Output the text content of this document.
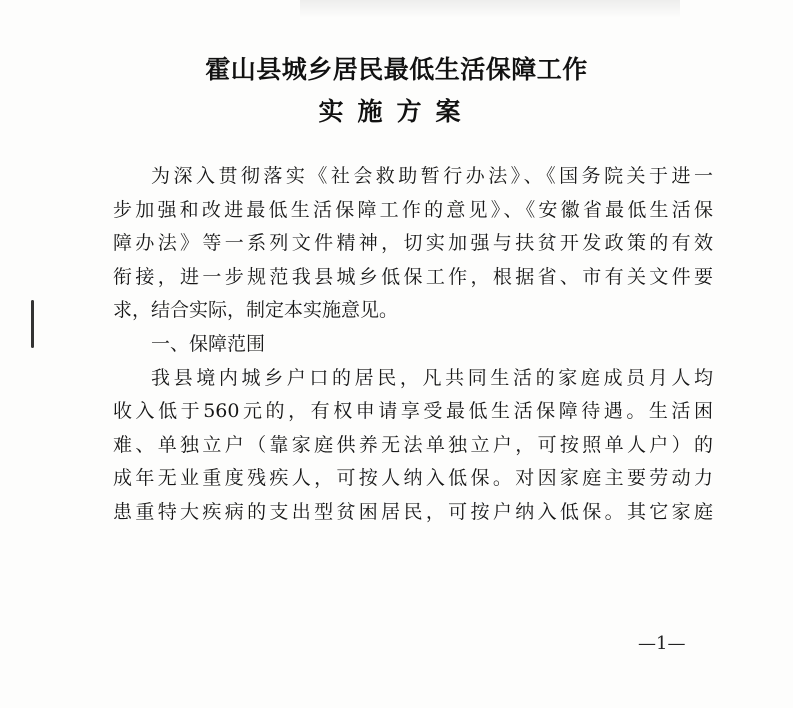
霍山县城乡居民最低生活保障工作
实施方案
为深入贯彻落实《社会救助暂行办法》、《国务院关于进一
步加强和改进最低生活保障工作的意见》、《安徽省最低生活保
障办法》等一系列文件精神，切实加强与扶贫开发政策的有效
衔接，进一步规范我县城乡低保工作，根据省、市有关文件要
求，结合实际，制定本实施意见。
一、保障范围
我县境内城乡户口的居民，凡共同生活的家庭成员月人均
收入低于560元的，有权申请享受最低生活保障待遇。生活困
难、单独立户（靠家庭供养无法单独立户，可按照单人户）的
成年无业重度残疾人，可按人纳入低保。对因家庭主要劳动力
患重特大疾病的支出型贫困居民，可按户纳入低保。其它家庭
—1—
